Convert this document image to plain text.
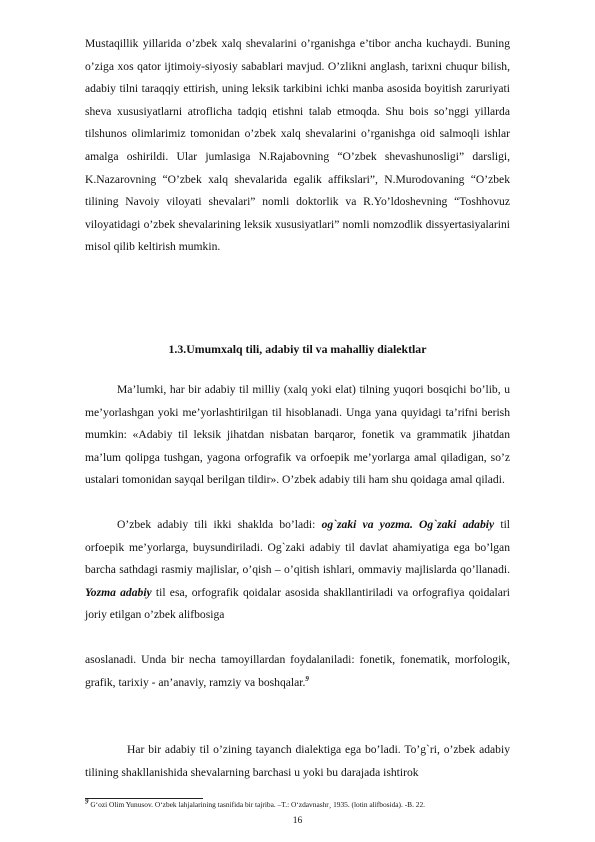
Mustaqillik yillarida o’zbek xalq shevalarini o’rganishga e’tibor ancha kuchaydi. Buning o’ziga xos qator ijtimoiy-siyosiy sabablari mavjud. O’zlikni anglash, tarixni chuqur bilish, adabiy tilni taraqqiy ettirish, uning leksik tarkibini ichki manba asosida boyitish zaruriyati sheva xususiyatlarni atroflicha tadqiq etishni talab etmoqda. Shu bois so’nggi yillarda tilshunos olimlarimiz tomonidan o’zbek xalq shevalarini o’rganishga oid salmoqli ishlar amalga oshirildi. Ular jumlasiga N.Rajabovning “O’zbek shevashunosligi” darsligi, K.Nazarovning “O’zbek xalq shevalarida egalik affikslari”, N.Murodovaning “O’zbek tilining Navoiy viloyati shevalari” nomli doktorlik va R.Yo’ldoshevning “Toshhovuz viloyatidagi o’zbek shevalarining leksik xususiyatlari” nomli nomzodlik dissyertasiyalarini misol qilib keltirish mumkin.

1.3.Umumxalq tili, adabiy til va mahalliy dialektlar

Ma’lumki, har bir adabiy til milliy (xalq yoki elat) tilning yuqori bosqichi bo’lib, u me’yorlashgan yoki me’yorlashtirilgan til hisoblanadi. Unga yana quyidagi ta’rifni berish mumkin: «Adabiy til leksik jihatdan nisbatan barqaror, fonetik va grammatik jihatdan ma’lum qolipga tushgan, yagona orfografik va orfoepik me’yorlarga amal qiladigan, so’z ustalari tomonidan sayqal berilgan tildir». O’zbek adabiy tili ham shu qoidaga amal qiladi.

O’zbek adabiy tili ikki shaklda bo’ladi: og`zaki va yozma. Og`zaki adabiy til orfoepik me’yorlarga, buysundiriladi. Og`zaki adabiy til davlat ahamiyatiga ega bo’lgan barcha sathdagi rasmiy majlislar, o’qish – o’qitish ishlari, ommaviy majlislarda qo’llanadi. Yozma adabiy til esa, orfografik qoidalar asosida shakllantiriladi va orfografiya qoidalari joriy etilgan o’zbek alifbosiga

asoslanadi. Unda bir necha tamoyillardan foydalaniladi: fonetik, fonematik, morfologik, grafik, tarixiy - an’anaviy, ramziy va boshqalar.$^9$

Har bir adabiy til o’zining tayanch dialektiga ega bo’ladi. To’g`ri, o’zbek adabiy tilining shakllanishida shevalarning barchasi u yoki bu darajada ishtirok

$^9$ G‘ozi Olim Yunusov. O‘zbek lahjalarining tasnifida bir tajriba. –T.: O‘zdavnashr¸ 1935. (lotin alifbosida). -B. 22.
16
